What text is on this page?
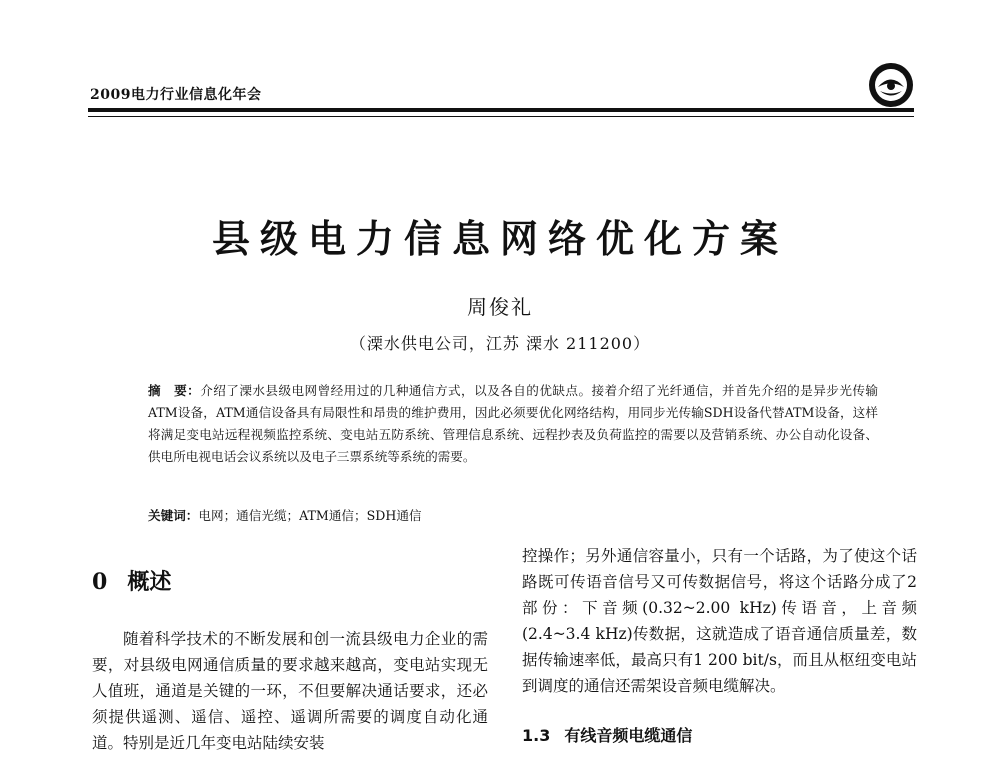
2009电力行业信息化年会
县级电力信息网络优化方案
周俊礼
（溧水供电公司，江苏 溧水 211200）
摘　要：介绍了溧水县级电网曾经用过的几种通信方式，以及各自的优缺点。接着介绍了光纤通信，并首先介绍的是异步光传输ATM设备，ATM通信设备具有局限性和昂贵的维护费用，因此必须要优化网络结构，用同步光传输SDH设备代替ATM设备，这样将满足变电站远程视频监控系统、变电站五防系统、管理信息系统、远程抄表及负荷监控的需要以及营销系统、办公自动化设备、供电所电视电话会议系统以及电子三票系统等系统的需要。
关键词：电网；通信光缆；ATM通信；SDH通信
0 概述

随着科学技术的不断发展和创一流县级电力企业的需要，对县级电网通信质量的要求越来越高，变电站实现无人值班，通道是关键的一环，不但要解决通话要求，还必须提供遥测、遥信、遥控、遥调所需要的调度自动化通道。特别是近几年变电站陆续安装

控操作；另外通信容量小，只有一个话路，为了使这个话路既可传语音信号又可传数据信号，将这个话路分成了2部份：下音频(0.32~2.00 kHz)传语音，上音频(2.4~3.4 kHz)传数据，这就造成了语音通信质量差，数据传输速率低，最高只有1 200 bit/s，而且从枢纽变电站到调度的通信还需架设音频电缆解决。

1.3 有线音频电缆通信
